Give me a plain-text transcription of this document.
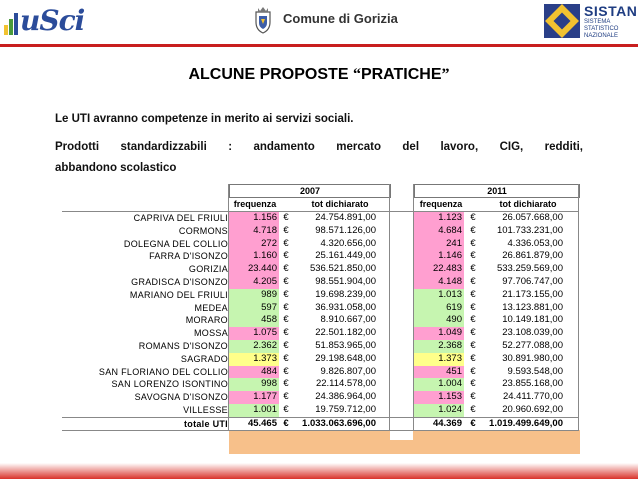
uSci	Comune di Gorizia	SISTAN
SISTEMA STATISTICO NAZIONALE
ALCUNE PROPOSTE “PRATICHE”
Le UTI avranno competenze in merito ai servizi sociali.
Prodotti standardizzabili : andamento mercato del lavoro, CIG, redditi,
abbandono scolastico
2007	2011
frequenza	tot dichiarato	frequenza	tot dichiarato
CAPRIVA DEL FRIULI	1.156 €	24.754.891,00	1.123 €	26.057.668,00
CORMONS	4.718 €	98.571.126,00	4.684 €	101.733.231,00
DOLEGNA DEL COLLIO	272 €	4.320.656,00	241 €	4.336.053,00
FARRA D'ISONZO	1.160 €	25.161.449,00	1.146 €	26.861.879,00
GORIZIA	23.440 €	536.521.850,00	22.483 €	533.259.569,00
GRADISCA D'ISONZO	4.205 €	98.551.904,00	4.148 €	97.706.747,00
MARIANO DEL FRIULI	989 €	19.698.239,00	1.013 €	21.173.155,00
MEDEA	597 €	36.931.058,00	619 €	13.123.881,00
MORARO	458 €	8.910.667,00	490 €	10.149.181,00
MOSSA	1.075 €	22.501.182,00	1.049 €	23.108.039,00
ROMANS D'ISONZO	2.362 €	51.853.965,00	2.368 €	52.277.088,00
SAGRADO	1.373 €	29.198.648,00	1.373 €	30.891.980,00
SAN FLORIANO DEL COLLIO	484 €	9.826.807,00	451 €	9.593.548,00
SAN LORENZO ISONTINO	998 €	22.114.578,00	1.004 €	23.855.168,00
SAVOGNA D'ISONZO	1.177 €	24.386.964,00	1.153 €	24.411.770,00
VILLESSE	1.001 €	19.759.712,00	1.024 €	20.960.692,00
totale UTI	45.465 €	1.033.063.696,00	44.369 €	1.019.499.649,00
